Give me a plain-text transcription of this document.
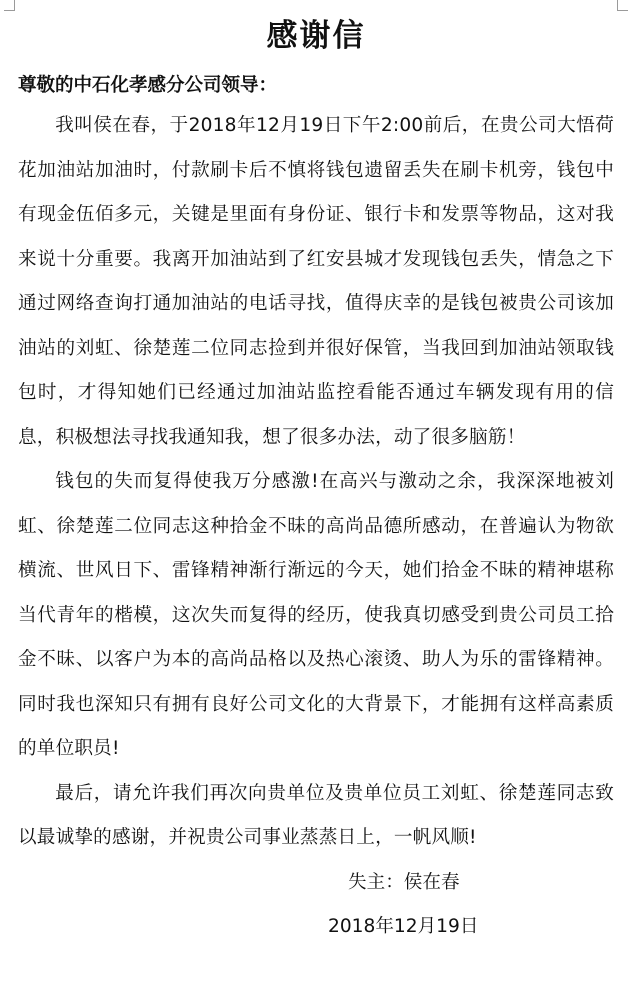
感谢信

尊敬的中石化孝感分公司领导：

我叫侯在春，于2018年12月19日下午2:00前后，在贵公司大悟荷花加油站加油时，付款刷卡后不慎将钱包遗留丢失在刷卡机旁，钱包中有现金伍佰多元，关键是里面有身份证、银行卡和发票等物品，这对我来说十分重要。我离开加油站到了红安县城才发现钱包丢失，情急之下通过网络查询打通加油站的电话寻找，值得庆幸的是钱包被贵公司该加油站的刘虹、徐楚莲二位同志捡到并很好保管，当我回到加油站领取钱包时，才得知她们已经通过加油站监控看能否通过车辆发现有用的信息，积极想法寻找我通知我，想了很多办法，动了很多脑筋！

钱包的失而复得使我万分感激!在高兴与激动之余，我深深地被刘虹、徐楚莲二位同志这种拾金不昧的高尚品德所感动，在普遍认为物欲横流、世风日下、雷锋精神渐行渐远的今天，她们拾金不昧的精神堪称当代青年的楷模，这次失而复得的经历，使我真切感受到贵公司员工拾金不昧、以客户为本的高尚品格以及热心滚烫、助人为乐的雷锋精神。同时我也深知只有拥有良好公司文化的大背景下，才能拥有这样高素质的单位职员!

最后，请允许我们再次向贵单位及贵单位员工刘虹、徐楚莲同志致以最诚挚的感谢，并祝贵公司事业蒸蒸日上，一帆风顺!

失主：侯在春

2018年12月19日
